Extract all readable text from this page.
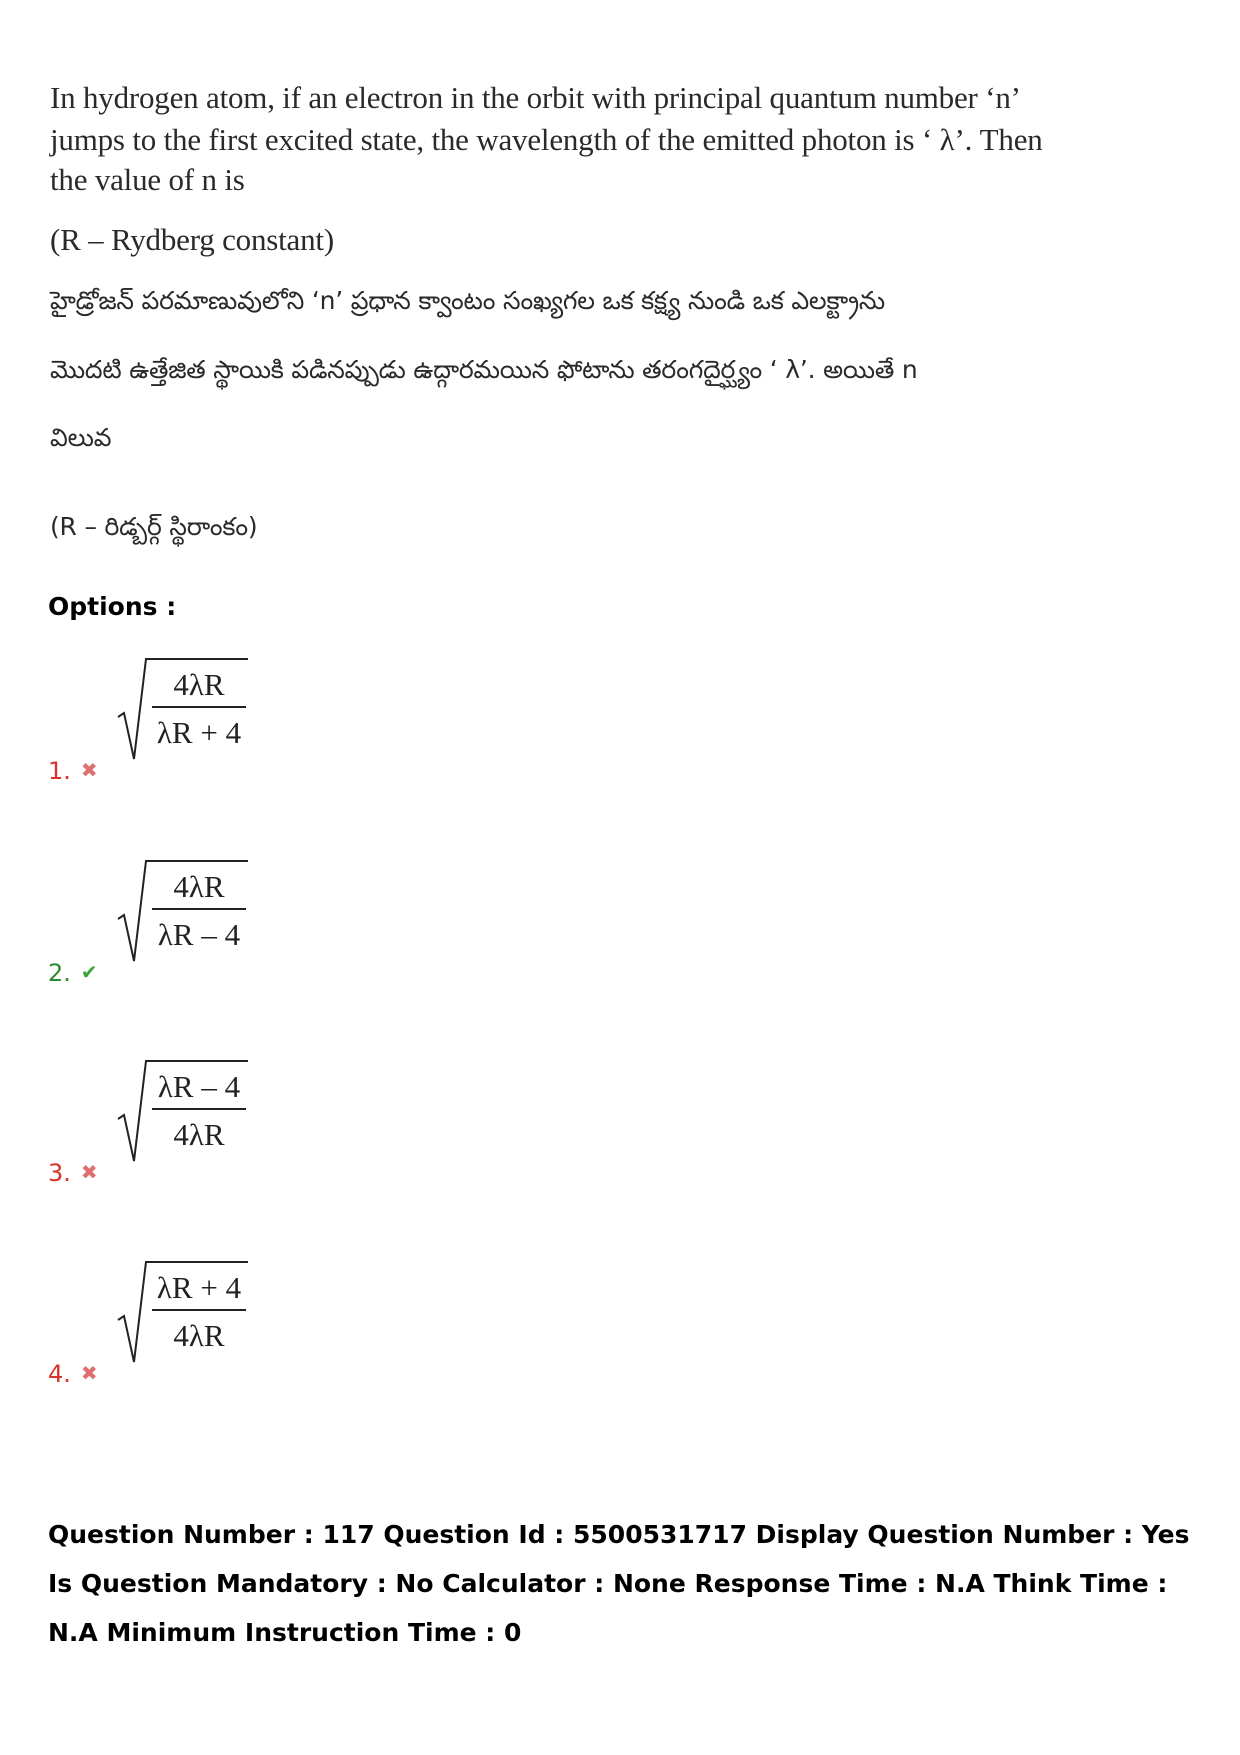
In hydrogen atom, if an electron in the orbit with principal quantum number ‘n’
jumps to the first excited state, the wavelength of the emitted photon is ‘ λ’. Then
the value of n is
(R – Rydberg constant)
హైడ్రోజన్ పరమాణువులోని ‘n’ ప్రధాన క్వాంటం సంఖ్యగల ఒక కక్ష్య నుండి ఒక ఎలక్ట్రాను
మొదటి ఉత్తేజిత స్థాయికి పడినప్పుడు ఉద్గారమయిన ఫోటాను తరంగదైర్ఘ్యం ‘ λ’. అయితే n
విలువ
(R – రిడ్బర్గ్ స్థిరాంకం)
Options :
1. ✖
4λR
λR + 4
2. ✔
4λR
λR – 4
3. ✖
λR – 4
4λR
4. ✖
λR + 4
4λR
Question Number : 117 Question Id : 5500531717 Display Question Number : Yes Is Question Mandatory : No Calculator : None Response Time : N.A Think Time : N.A Minimum Instruction Time : 0
